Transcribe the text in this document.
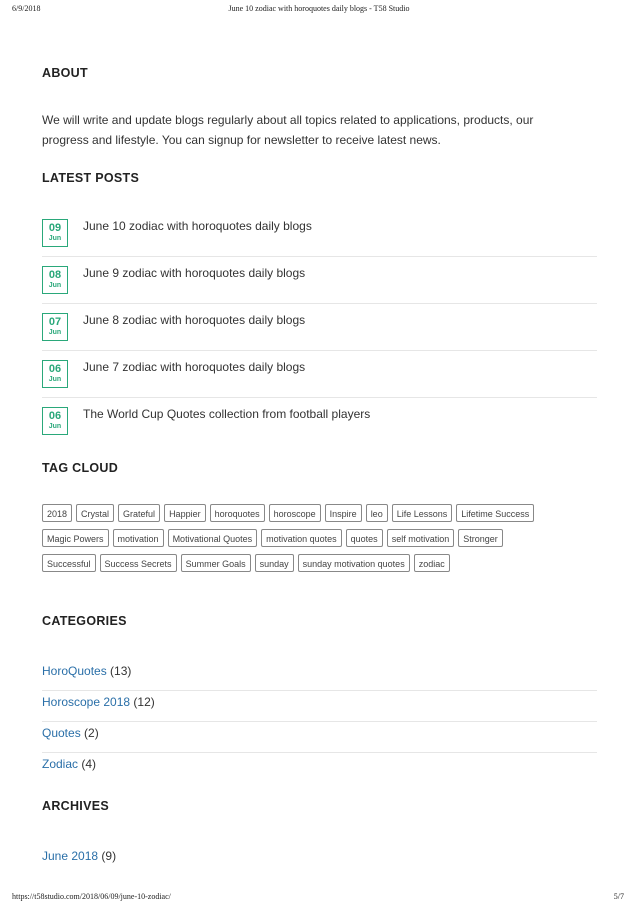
6/9/2018	June 10 zodiac with horoquotes daily blogs - T58 Studio
ABOUT

We will write and update blogs regularly about all topics related to applications, products, our progress and lifestyle. You can signup for newsletter to receive latest news.

LATEST POSTS
09
Jun
June 10 zodiac with horoquotes daily blogs
08
Jun
June 9 zodiac with horoquotes daily blogs
07
Jun
June 8 zodiac with horoquotes daily blogs
06
Jun
June 7 zodiac with horoquotes daily blogs
06
Jun
The World Cup Quotes collection from football players
TAG CLOUD
2018 Crystal Grateful Happier horoquotes horoscope Inspire leo Life Lessons Lifetime Success
Magic Powers motivation Motivational Quotes motivation quotes quotes self motivation Stronger
Successful Success Secrets Summer Goals sunday sunday motivation quotes zodiac
CATEGORIES
HoroQuotes (13)
Horoscope 2018 (12)
Quotes (2)
Zodiac (4)
ARCHIVES
June 2018 (9)
https://t58studio.com/2018/06/09/june-10-zodiac/	5/7
